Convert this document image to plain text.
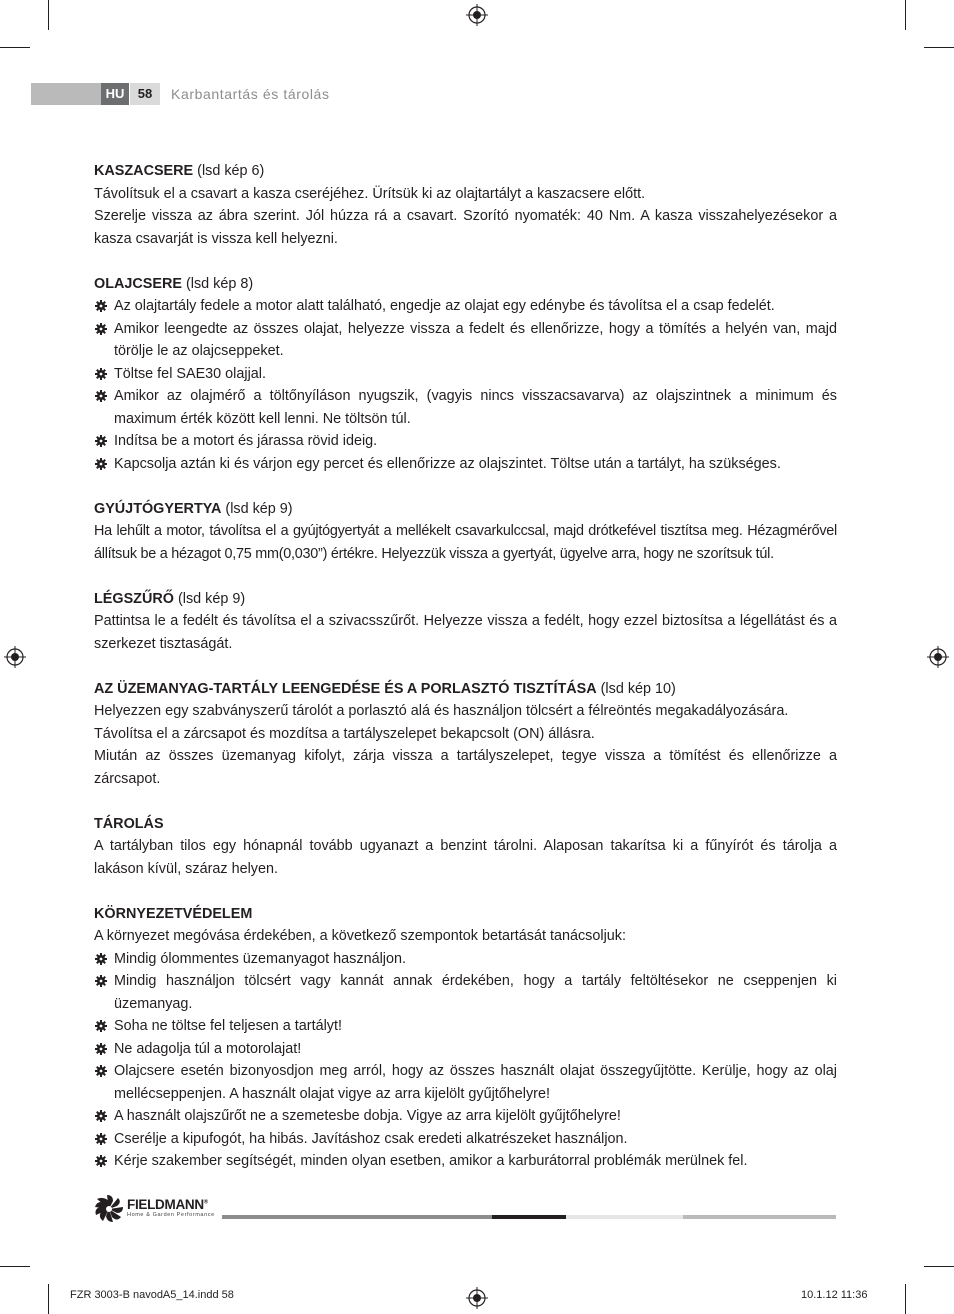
HU	58	Karbantartás és tárolás

KASZACSERE (lsd kép 6)

Távolítsuk el a csavart a kasza cseréjéhez. Ürítsük ki az olajtartályt a kaszacsere előtt.

Szerelje vissza az ábra szerint. Jól húzza rá a csavart. Szorító nyomaték: 40 Nm. A kasza visszahelyezésekor a kasza csavarját is vissza kell helyezni.

OLAJCSERE (lsd kép 8)

Az olajtartály fedele a motor alatt található, engedje az olajat egy edénybe és távolítsa el a csap fedelét.
Amikor leengedte az összes olajat, helyezze vissza a fedelt és ellenőrizze, hogy a tömítés a helyén van, majd törölje le az olajcseppeket.
Töltse fel SAE30 olajjal.
Amikor az olajmérő a töltőnyíláson nyugszik, (vagyis nincs visszacsavarva) az olajszintnek a minimum és maximum érték között kell lenni. Ne töltsön túl.
Indítsa be a motort és járassa rövid ideig.
Kapcsolja aztán ki és várjon egy percet és ellenőrizze az olajszintet. Töltse után a tartályt, ha szükséges.

GYÚJTÓGYERTYA (lsd kép 9)

Ha lehűlt a motor, távolítsa el a gyújtógyertyát a mellékelt csavarkulccsal, majd drótkefével tisztítsa meg. Hézagmérővel állítsuk be a hézagot 0,75 mm(0,030”) értékre. Helyezzük vissza a gyertyát, ügyelve arra, hogy ne szorítsuk túl.

LÉGSZŰRŐ (lsd kép 9)

Pattintsa le a fedélt és távolítsa el a szivacsszűrőt. Helyezze vissza a fedélt, hogy ezzel biztosítsa a légellátást és a szerkezet tisztaságát.

AZ ÜZEMANYAG-TARTÁLY LEENGEDÉSE ÉS A PORLASZTÓ TISZTÍTÁSA (lsd kép 10)

Helyezzen egy szabványszerű tárolót a porlasztó alá és használjon tölcsért a félreöntés megakadályozására.

Távolítsa el a zárcsapot és mozdítsa a tartályszelepet bekapcsolt (ON) állásra.

Miután az összes üzemanyag kifolyt, zárja vissza a tartályszelepet, tegye vissza a tömítést és ellenőrizze a zárcsapot.

TÁROLÁS

A tartályban tilos egy hónapnál tovább ugyanazt a benzint tárolni. Alaposan takarítsa ki a fűnyírót és tárolja a lakáson kívül, száraz helyen.

KÖRNYEZETVÉDELEM

A környezet megóvása érdekében, a következő szempontok betartását tanácsoljuk:

Mindig ólommentes üzemanyagot használjon.
Mindig használjon tölcsért vagy kannát annak érdekében, hogy a tartály feltöltésekor ne cseppenjen ki üzemanyag.
Soha ne töltse fel teljesen a tartályt!
Ne adagolja túl a motorolajat!
Olajcsere esetén bizonyosdjon meg arról, hogy az összes használt olajat összegyűjtötte. Kerülje, hogy az olaj mellécseppenjen. A használt olajat vigye az arra kijelölt gyűjtőhelyre!
A használt olajszűrőt ne a szemetesbe dobja. Vigye az arra kijelölt gyűjtőhelyre!
Cserélje a kipufogót, ha hibás. Javításhoz csak eredeti alkatrészeket használjon.
Kérje szakember segítségét, minden olyan esetben, amikor a karburátorral problémák merülnek fel.
FIELDMANN®
Home & Garden Performance
FZR 3003-B navodA5_14.indd 58	10.1.12 11:36
